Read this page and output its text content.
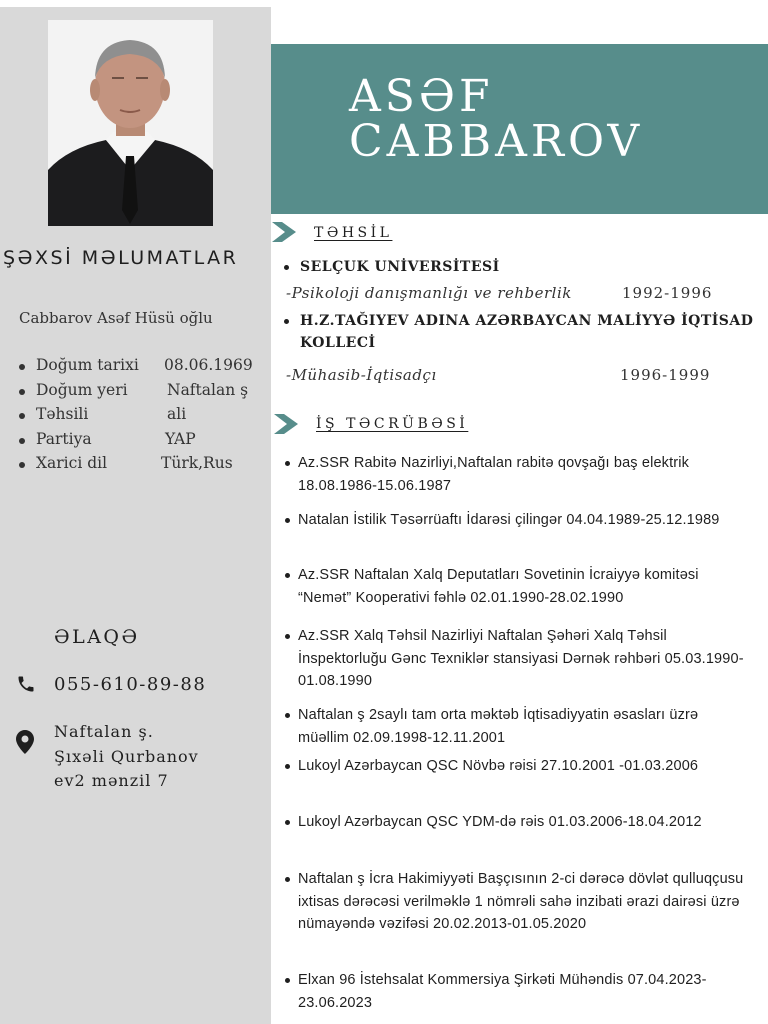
ASƏF
CABBAROV
ŞƏXSİ MƏLUMATLAR
Cabbarov Asəf Hüsü oğlu
Doğum tarixi 08.06.1969
Doğum yeri	Naftalan ş
Təhsili	ali
Partiya	YAP
Xarici dil	Türk,Rus
ƏLAQƏ
055-610-89-88
Naftalan ş.
Şıxəli Qurbanov
ev2 mənzil 7
TƏHSİL
SELÇUK UNİVERSİTESİ
-Psikoloji danışmanlığı ve rehberlik	1992-1996
H.Z.TAĞIYEV ADINA AZƏRBAYCAN MALİYYƏ İQTİSAD KOLLECİ
-Mühasib-İqtisadçı	1996-1999
İŞ TƏCRÜBƏSİ
Az.SSR Rabitə Nazirliyi,Naftalan rabitə qovşağı baş elektrik 18.08.1986-15.06.1987
Natalan İstilik Təsərrüaftı İdarəsi çilingər 04.04.1989-25.12.1989
Az.SSR Naftalan Xalq Deputatları Sovetinin İcraiyyə komitəsi “Nemət” Kooperativi fəhlə 02.01.1990-28.02.1990
Az.SSR Xalq Təhsil Nazirliyi Naftalan Şəhəri Xalq Təhsil İnspektorluğu Gənc Texniklər stansiyasi Dərnək rəhbəri 05.03.1990-01.08.1990
Naftalan ş 2saylı tam orta məktəb İqtisadiyyatin əsasları üzrə müəllim 02.09.1998-12.11.2001
Lukoyl Azərbaycan QSC Növbə rəisi 27.10.2001 -01.03.2006
Lukoyl Azərbaycan QSC YDM-də rəis 01.03.2006-18.04.2012
Naftalan ş İcra Hakimiyyəti Başçısının 2-ci dərəcə dövlət qulluqçusu ixtisas dərəcəsi verilməklə 1 nömrəli sahə inzibati ərazi dairəsi üzrə nümayəndə vəzifəsi 20.02.2013-01.05.2020
Elxan 96 İstehsalat Kommersiya Şirkəti Mühəndis 07.04.2023-23.06.2023
